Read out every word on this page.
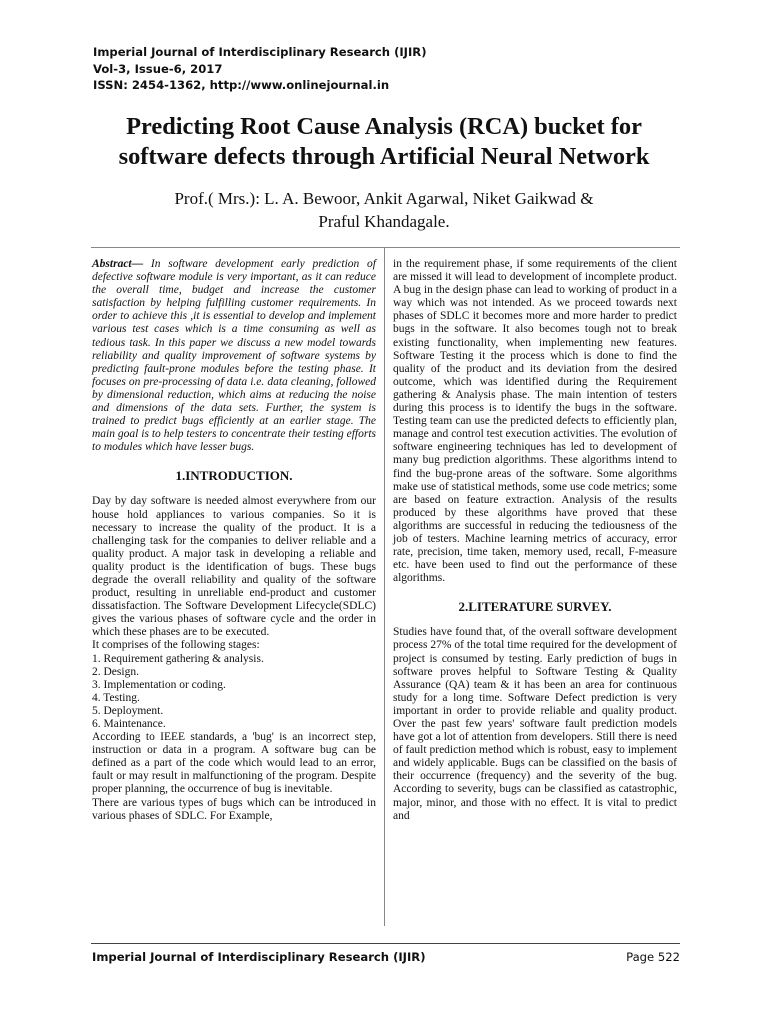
Imperial Journal of Interdisciplinary Research (IJIR)
Vol-3, Issue-6, 2017
ISSN: 2454-1362, http://www.onlinejournal.in
Predicting Root Cause Analysis (RCA) bucket for
software defects through Artificial Neural Network
Prof.( Mrs.): L. A. Bewoor, Ankit Agarwal, Niket Gaikwad &
Praful Khandagale.
Abstract— In software development early prediction of defective software module is very important, as it can reduce the overall time, budget and increase the customer satisfaction by helping fulfilling customer requirements. In order to achieve this ,it is essential to develop and implement various test cases which is a time consuming as well as tedious task. In this paper we discuss a new model towards reliability and quality improvement of software systems by predicting fault-prone modules before the testing phase. It focuses on pre-processing of data i.e. data cleaning, followed by dimensional reduction, which aims at reducing the noise and dimensions of the data sets. Further, the system is trained to predict bugs efficiently at an earlier stage. The main goal is to help testers to concentrate their testing efforts to modules which have lesser bugs.
1.INTRODUCTION.
Day by day software is needed almost everywhere from our house hold appliances to various companies. So it is necessary to increase the quality of the product. It is a challenging task for the companies to deliver reliable and a quality product. A major task in developing a reliable and quality product is the identification of bugs. These bugs degrade the overall reliability and quality of the software product, resulting in unreliable end-product and customer dissatisfaction. The Software Development Lifecycle(SDLC) gives the various phases of software cycle and the order in which these phases are to be executed.
It comprises of the following stages:
1. Requirement gathering & analysis.
2. Design.
3. Implementation or coding.
4. Testing.
5. Deployment.
6. Maintenance.
According to IEEE standards, a 'bug' is an incorrect step, instruction or data in a program. A software bug can be defined as a part of the code which would lead to an error, fault or may result in malfunctioning of the program. Despite proper planning, the occurrence of bug is inevitable.
There are various types of bugs which can be introduced in various phases of SDLC. For Example,
in the requirement phase, if some requirements of the client are missed it will lead to development of incomplete product. A bug in the design phase can lead to working of product in a way which was not intended. As we proceed towards next phases of SDLC it becomes more and more harder to predict bugs in the software. It also becomes tough not to break existing functionality, when implementing new features. Software Testing it the process which is done to find the quality of the product and its deviation from the desired outcome, which was identified during the Requirement gathering & Analysis phase. The main intention of testers during this process is to identify the bugs in the software. Testing team can use the predicted defects to efficiently plan, manage and control test execution activities. The evolution of software engineering techniques has led to development of many bug prediction algorithms. These algorithms intend to find the bug-prone areas of the software. Some algorithms make use of statistical methods, some use code metrics; some are based on feature extraction. Analysis of the results produced by these algorithms have proved that these algorithms are successful in reducing the tediousness of the job of testers. Machine learning metrics of accuracy, error rate, precision, time taken, memory used, recall, F-measure etc. have been used to find out the performance of these algorithms.
2.LITERATURE SURVEY.
Studies have found that, of the overall software development process 27% of the total time required for the development of project is consumed by testing. Early prediction of bugs in software proves helpful to Software Testing & Quality Assurance (QA) team & it has been an area for continuous study for a long time. Software Defect prediction is very important in order to provide reliable and quality product. Over the past few years' software fault prediction models have got a lot of attention from developers. Still there is need of fault prediction method which is robust, easy to implement and widely applicable. Bugs can be classified on the basis of their occurrence (frequency) and the severity of the bug. According to severity, bugs can be classified as catastrophic, major, minor, and those with no effect. It is vital to predict and
Imperial Journal of Interdisciplinary Research (IJIR)	Page 522
